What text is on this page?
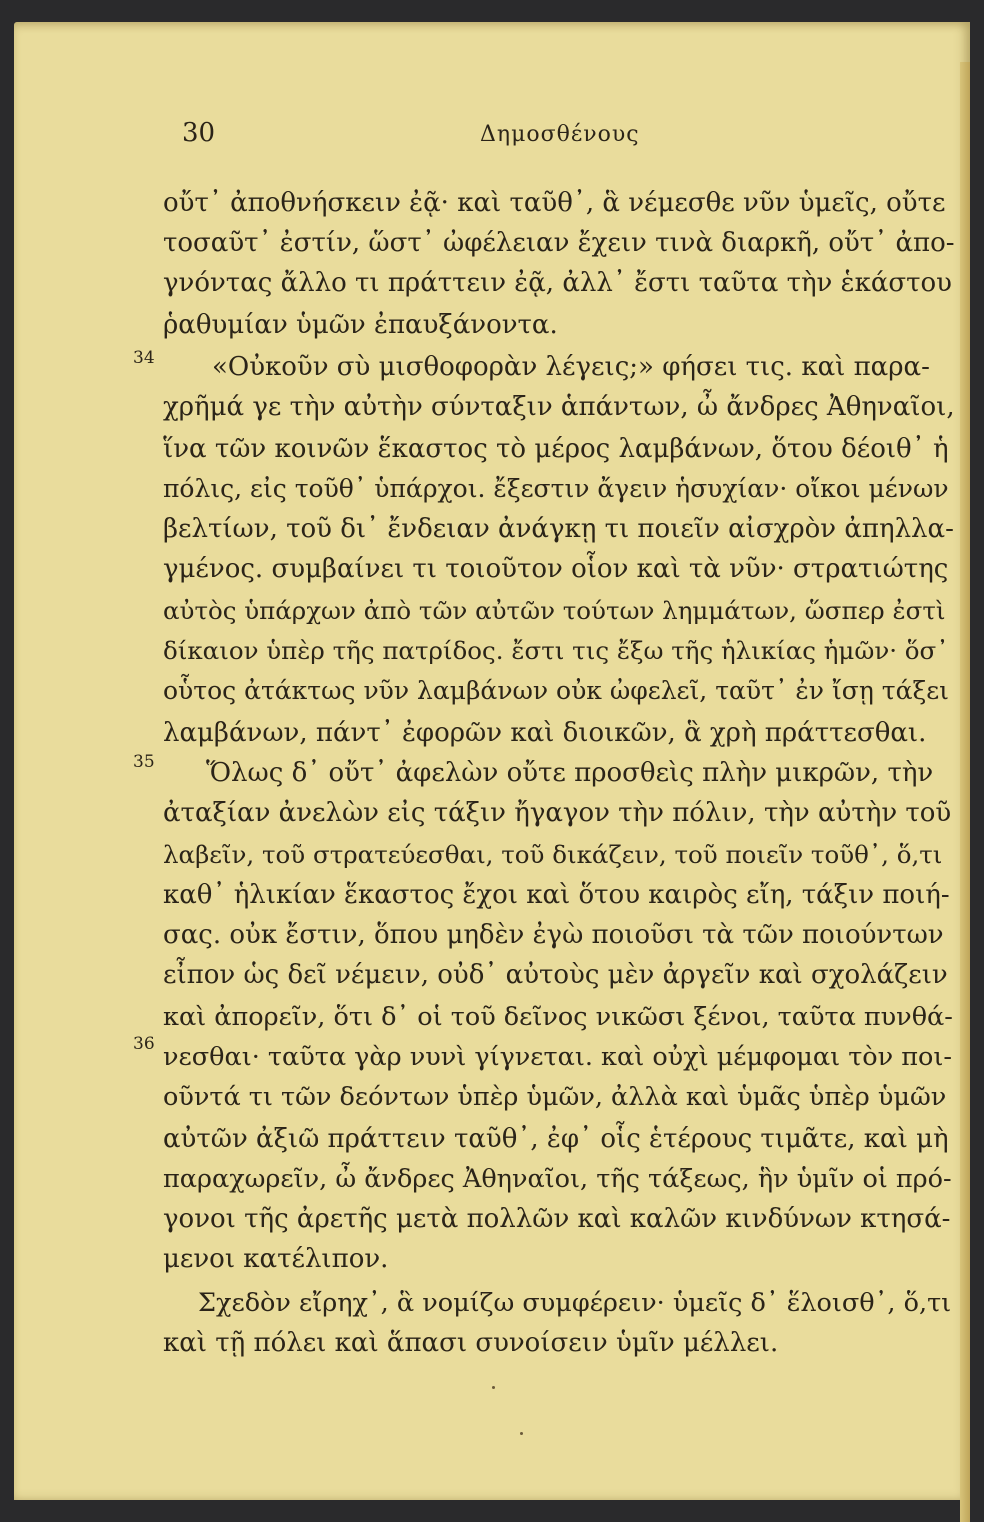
30	Δημοσθένους
οὔτ᾽ ἀποθνήσκειν ἐᾷ· καὶ ταῦθ᾽, ἃ νέμεσθε νῦν ὑμεῖς, οὔτε
τοσαῦτ᾽ ἐστίν, ὥστ᾽ ὠφέλειαν ἔχειν τινὰ διαρκῆ, οὔτ᾽ ἀπο-
γνόντας ἄλλο τι πράττειν ἐᾷ, ἀλλ᾽ ἔστι ταῦτα τὴν ἑκάστου
ῥαθυμίαν ὑμῶν ἐπαυξάνοντα.
34 «Οὐκοῦν σὺ μισθοφορὰν λέγεις;» φήσει τις. καὶ παρα-
χρῆμά γε τὴν αὐτὴν σύνταξιν ἁπάντων, ὦ ἄνδρες Ἀθηναῖοι,
ἵνα τῶν κοινῶν ἕκαστος τὸ μέρος λαμβάνων, ὅτου δέοιθ᾽ ἡ
πόλις, εἰς τοῦθ᾽ ὑπάρχοι. ἔξεστιν ἄγειν ἡσυχίαν· οἴκοι μένων
βελτίων, τοῦ δι᾽ ἔνδειαν ἀνάγκῃ τι ποιεῖν αἰσχρὸν ἀπηλλα-
γμένος. συμβαίνει τι τοιοῦτον οἷον καὶ τὰ νῦν· στρατιώτης
αὐτὸς ὑπάρχων ἀπὸ τῶν αὐτῶν τούτων λημμάτων, ὥσπερ ἐστὶ
δίκαιον ὑπὲρ τῆς πατρίδος. ἔστι τις ἔξω τῆς ἡλικίας ἡμῶν· ὅσ᾽
οὗτος ἀτάκτως νῦν λαμβάνων οὐκ ὠφελεῖ, ταῦτ᾽ ἐν ἴσῃ τάξει
λαμβάνων, πάντ᾽ ἐφορῶν καὶ διοικῶν, ἃ χρὴ πράττεσθαι.
35 Ὅλως δ᾽ οὔτ᾽ ἀφελὼν οὔτε προσθεὶς πλὴν μικρῶν, τὴν
ἀταξίαν ἀνελὼν εἰς τάξιν ἤγαγον τὴν πόλιν, τὴν αὐτὴν τοῦ
λαβεῖν, τοῦ στρατεύεσθαι, τοῦ δικάζειν, τοῦ ποιεῖν τοῦθ᾽, ὅ,τι
καθ᾽ ἡλικίαν ἕκαστος ἔχοι καὶ ὅτου καιρὸς εἴη, τάξιν ποιή-
σας. οὐκ ἔστιν, ὅπου μηδὲν ἐγὼ ποιοῦσι τὰ τῶν ποιούντων
εἶπον ὡς δεῖ νέμειν, οὐδ᾽ αὐτοὺς μὲν ἀργεῖν καὶ σχολάζειν
καὶ ἀπορεῖν, ὅτι δ᾽ οἱ τοῦ δεῖνος νικῶσι ξένοι, ταῦτα πυνθά-
36 νεσθαι· ταῦτα γὰρ νυνὶ γίγνεται. καὶ οὐχὶ μέμφομαι τὸν ποι-
οῦντά τι τῶν δεόντων ὑπὲρ ὑμῶν, ἀλλὰ καὶ ὑμᾶς ὑπὲρ ὑμῶν
αὐτῶν ἀξιῶ πράττειν ταῦθ᾽, ἐφ᾽ οἷς ἑτέρους τιμᾶτε, καὶ μὴ
παραχωρεῖν, ὦ ἄνδρες Ἀθηναῖοι, τῆς τάξεως, ἣν ὑμῖν οἱ πρό-
γονοι τῆς ἀρετῆς μετὰ πολλῶν καὶ καλῶν κινδύνων κτησά-
μενοι κατέλιπον.
Σχεδὸν εἴρηχ᾽, ἃ νομίζω συμφέρειν· ὑμεῖς δ᾽ ἕλοισθ᾽, ὅ,τι
καὶ τῇ πόλει καὶ ἅπασι συνοίσειν ὑμῖν μέλλει.
